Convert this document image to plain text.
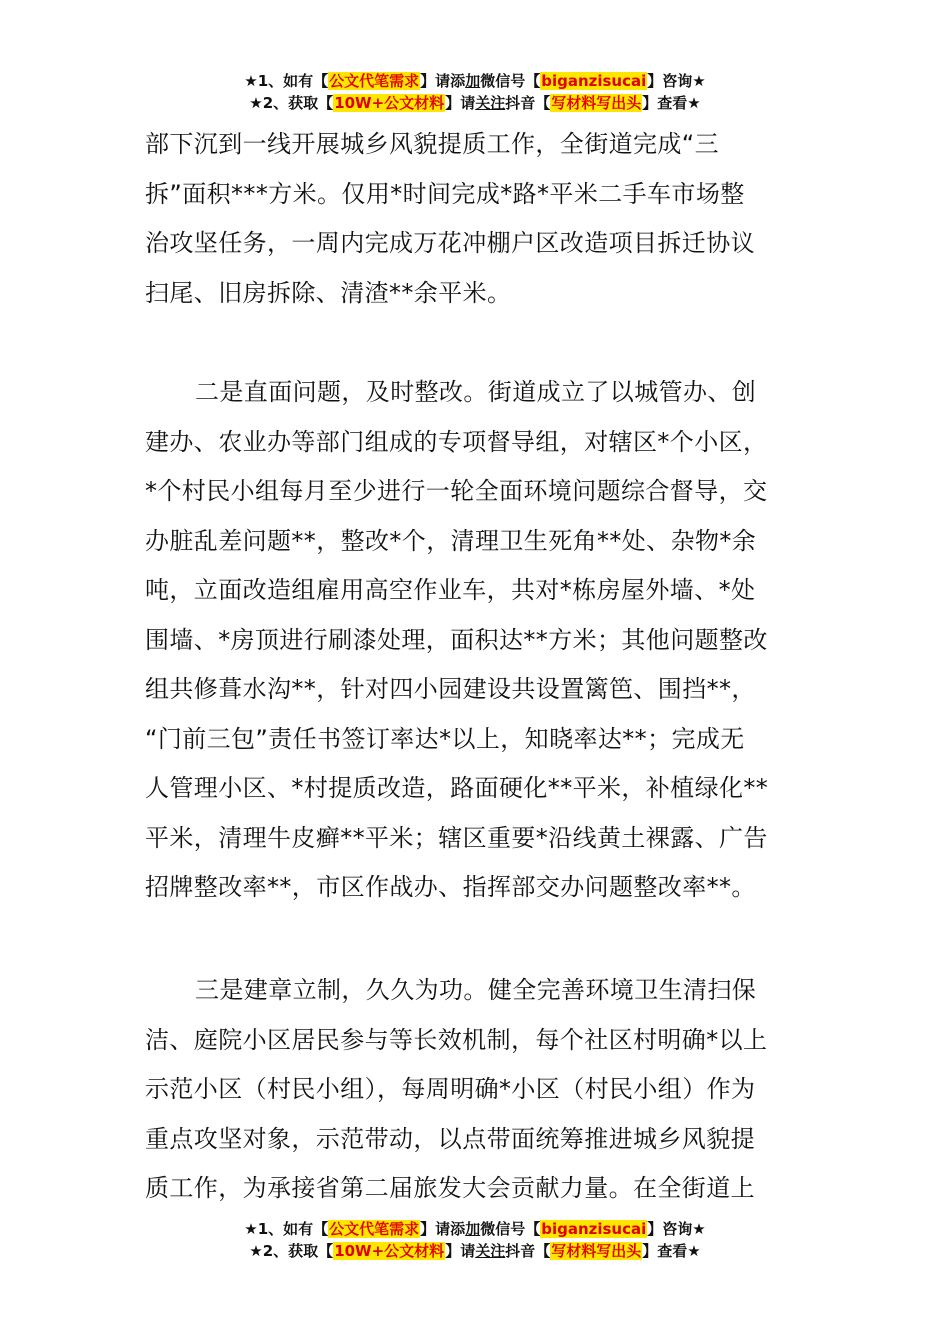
★1、如有【公文代笔需求】请添加微信号【biganzisucai】咨询★
★2、获取【10W+公文材料】请关注抖音【写材料写出头】查看★
部下沉到一线开展城乡风貌提质工作，全街道完成“三
拆”面积***方米。仅用*时间完成*路*平米二手车市场整
治攻坚任务，一周内完成万花冲棚户区改造项目拆迁协议
扫尾、旧房拆除、清渣**余平米。
二是直面问题，及时整改。街道成立了以城管办、创
建办、农业办等部门组成的专项督导组，对辖区*个小区，
*个村民小组每月至少进行一轮全面环境问题综合督导，交
办脏乱差问题**，整改*个，清理卫生死角**处、杂物*余
吨，立面改造组雇用高空作业车，共对*栋房屋外墙、*处
围墙、*房顶进行刷漆处理，面积达**方米；其他问题整改
组共修葺水沟**，针对四小园建设共设置篱笆、围挡**，
“门前三包”责任书签订率达*以上，知晓率达**；完成无
人管理小区、*村提质改造，路面硬化**平米，补植绿化**
平米，清理牛皮癣**平米；辖区重要*沿线黄土裸露、广告
招牌整改率**，市区作战办、指挥部交办问题整改率**。
三是建章立制，久久为功。健全完善环境卫生清扫保
洁、庭院小区居民参与等长效机制，每个社区村明确*以上
示范小区（村民小组），每周明确*小区（村民小组）作为
重点攻坚对象，示范带动，以点带面统筹推进城乡风貌提
质工作，为承接省第二届旅发大会贡献力量。在全街道上
★1、如有【公文代笔需求】请添加微信号【biganzisucai】咨询★
★2、获取【10W+公文材料】请关注抖音【写材料写出头】查看★
